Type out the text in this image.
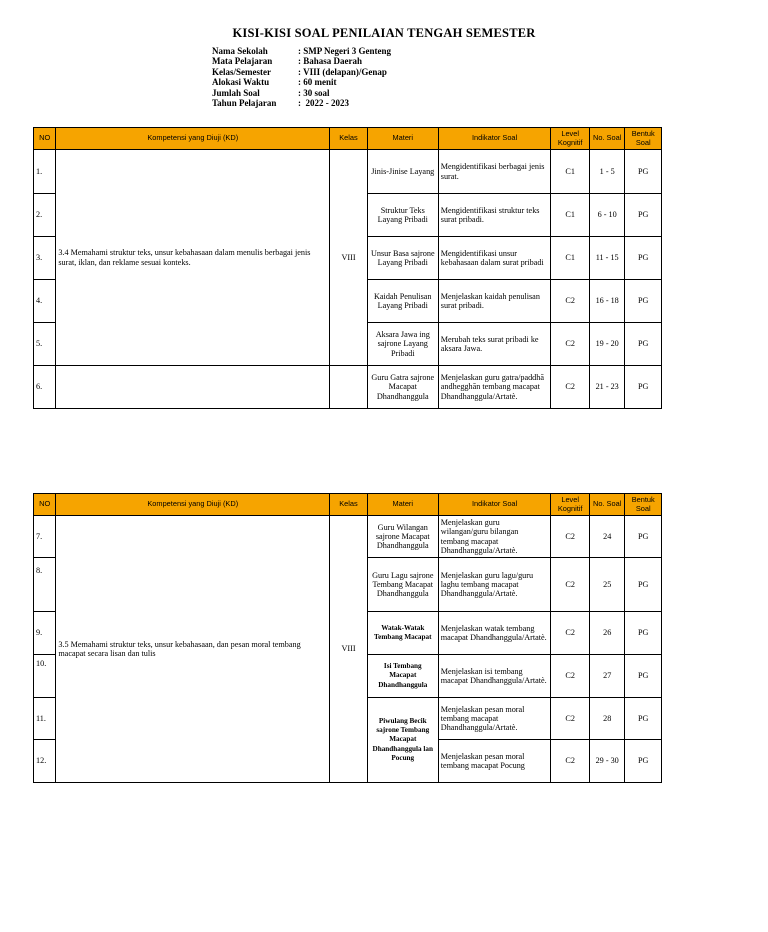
KISI-KISI SOAL PENILAIAN TENGAH SEMESTER
Nama Sekolah	: SMP Negeri 3 Genteng
Mata Pelajaran	: Bahasa Daerah
Kelas/Semester	: VIII (delapan)/Genap
Alokasi Waktu	: 60 menit
Jumlah Soal	: 30 soal
Tahun Pelajaran	:  2022 - 2023
NO	Kompetensi yang Diuji (KD)	Kelas	Materi	Indikator Soal	Level Kognitif	No. Soal	Bentuk Soal
1.	3.4 Memahami struktur teks, unsur kebahasaan dalam menulis berbagai jenis surat, iklan, dan reklame sesuai konteks.	VIII	Jinis-Jinise Layang	Mengidentifikasi berbagai jenis surat.	C1	1 - 5	PG
2.			Struktur Teks Layang Pribadi	Mengidentifikasi struktur teks surat pribadi.	C1	6 - 10	PG
3.			Unsur Basa sajrone Layang Pribadi	Mengidentifikasi unsur kebahasaan dalam surat pribadi	C1	11 - 15	PG
4.			Kaidah Penulisan Layang Pribadi	Menjelaskan kaidah penulisan surat pribadi.	C2	16 - 18	PG
5.			Aksara Jawa ing sajrone Layang Pribadi	Merubah teks surat pribadi ke aksara Jawa.	C2	19 - 20	PG
6.			Guru Gatra sajrone Macapat Dhandhanggula	Menjelaskan guru gatra/paddhā andhegghān tembang macapat Dhandhanggula/Artatè.	C2	21 - 23	PG
NO	Kompetensi yang Diuji (KD)	Kelas	Materi	Indikator Soal	Level Kognitif	No. Soal	Bentuk Soal
7.	3.5 Memahami struktur teks, unsur kebahasaan, dan pesan moral tembang macapat secara lisan dan tulis	VIII	Guru Wilangan sajrone Macapat Dhandhanggula	Menjelaskan guru wilangan/guru bilangan tembang macapat Dhandhanggula/Artatè.	C2	24	PG
8.			Guru Lagu sajrone Tembang Macapat Dhandhanggula	Menjelaskan guru lagu/guru laghu tembang macapat Dhandhanggula/Artatè.	C2	25	PG
9.			Watak-Watak Tembang Macapat	Menjelaskan watak tembang macapat Dhandhanggula/Artatè.	C2	26	PG
10.			Isi Tembang Macapat Dhandhanggula	Menjelaskan isi tembang macapat Dhandhanggula/Artatè.	C2	27	PG
11.			Piwulang Becik sajrone Tembang Macapat Dhandhanggula lan Pocung	Menjelaskan pesan moral tembang macapat Dhandhanggula/Artatè.	C2	28	PG
12.				Menjelaskan pesan moral tembang macapat Pocung	C2	29 - 30	PG
